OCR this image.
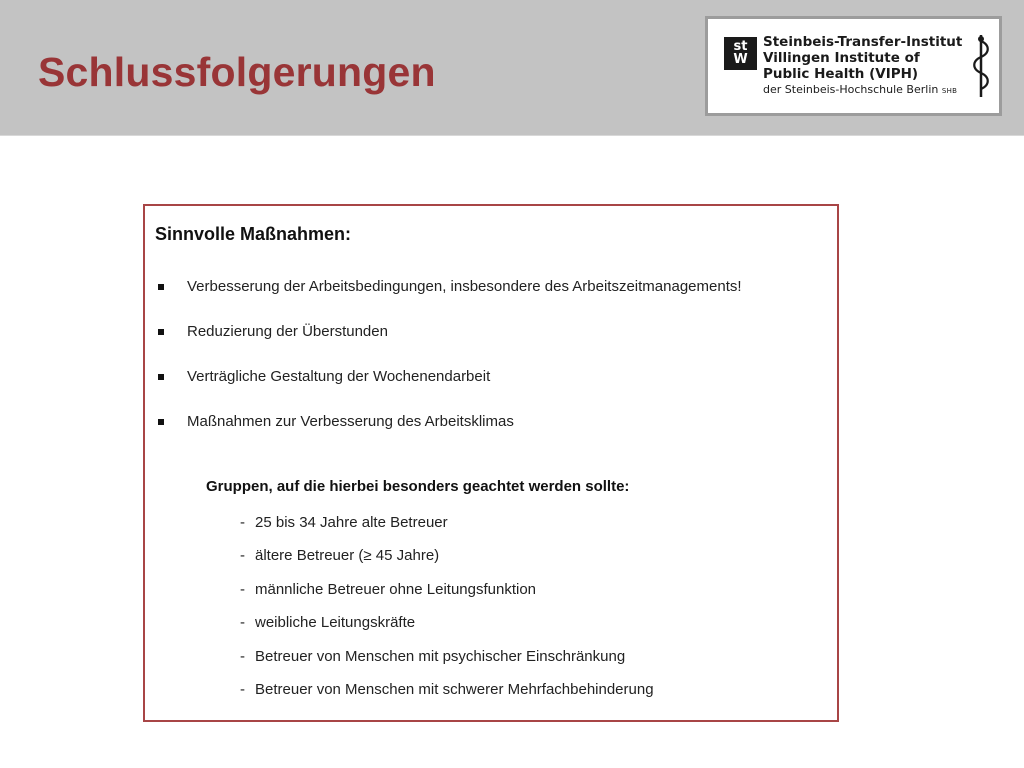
Schlussfolgerungen
st
W
Steinbeis-Transfer-Institut
Villingen Institute of
Public Health (VIPH)
der Steinbeis-Hochschule Berlin SHB
Sinnvolle Maßnahmen:
Verbesserung der Arbeitsbedingungen, insbesondere des Arbeitszeitmanagements!
Reduzierung der Überstunden
Verträgliche Gestaltung der Wochenendarbeit
Maßnahmen zur Verbesserung des Arbeitsklimas
Gruppen, auf die hierbei besonders geachtet werden sollte:
- 25 bis 34 Jahre alte Betreuer
- ältere Betreuer (≥ 45 Jahre)
- männliche Betreuer ohne Leitungsfunktion
- weibliche Leitungskräfte
- Betreuer von Menschen mit psychischer Einschränkung
- Betreuer von Menschen mit schwerer Mehrfachbehinderung
